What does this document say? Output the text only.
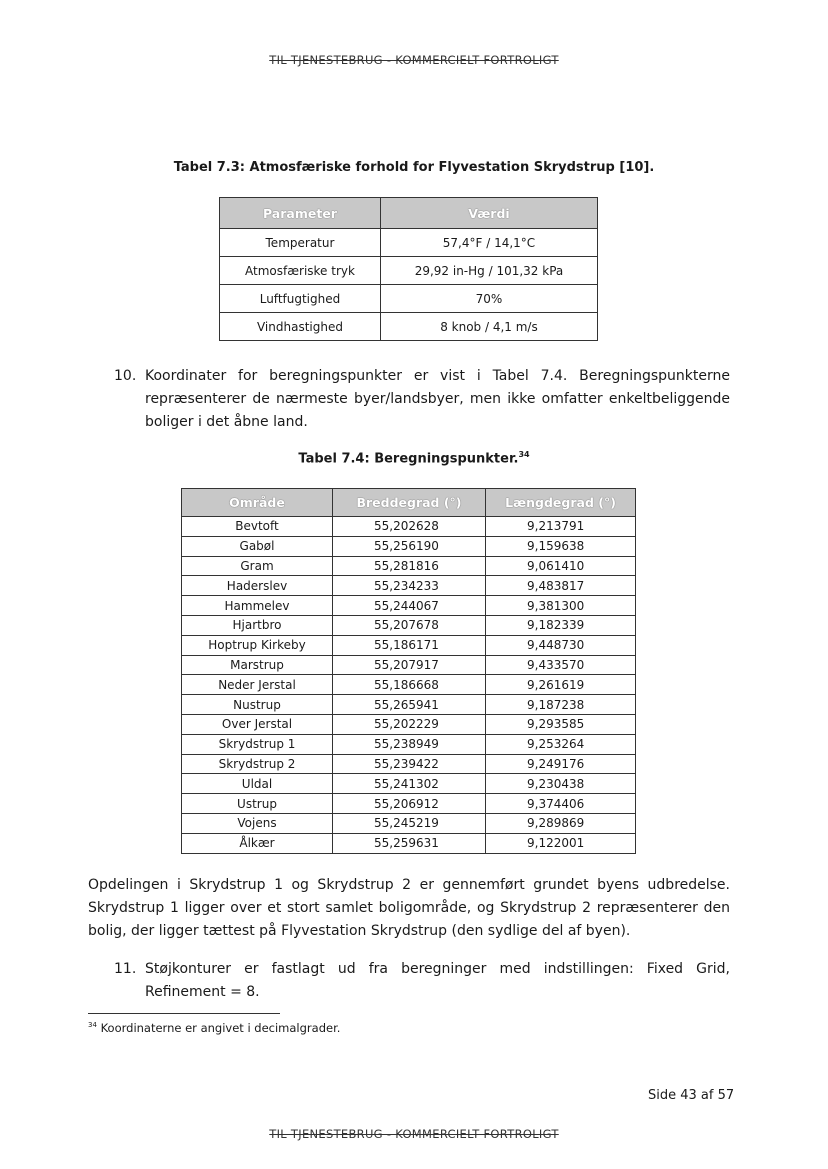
TIL TJENESTEBRUG - KOMMERCIELT FORTROLIGT
Tabel 7.3: Atmosfæriske forhold for Flyvestation Skrydstrup [10].
Parameter	Værdi
Temperatur	57,4°F / 14,1°C
Atmosfæriske tryk	29,92 in-Hg / 101,32 kPa
Luftfugtighed	70%
Vindhastighed	8 knob / 4,1 m/s
10. Koordinater for beregningspunkter er vist i Tabel 7.4. Beregningspunkterne repræsenterer de nærmeste byer/landsbyer, men ikke omfatter enkeltbeliggende boliger i det åbne land.
Tabel 7.4: Beregningspunkter.$^{34}$
Område	Breddegrad (°)	Længdegrad (°)
Bevtoft	55,202628	9,213791
Gabøl	55,256190	9,159638
Gram	55,281816	9,061410
Haderslev	55,234233	9,483817
Hammelev	55,244067	9,381300
Hjartbro	55,207678	9,182339
Hoptrup Kirkeby	55,186171	9,448730
Marstrup	55,207917	9,433570
Neder Jerstal	55,186668	9,261619
Nustrup	55,265941	9,187238
Over Jerstal	55,202229	9,293585
Skrydstrup 1	55,238949	9,253264
Skrydstrup 2	55,239422	9,249176
Uldal	55,241302	9,230438
Ustrup	55,206912	9,374406
Vojens	55,245219	9,289869
Ålkær	55,259631	9,122001
Opdelingen i Skrydstrup 1 og Skrydstrup 2 er gennemført grundet byens udbredelse. Skrydstrup 1 ligger over et stort samlet boligområde, og Skrydstrup 2 repræsenterer den bolig, der ligger tættest på Flyvestation Skrydstrup (den sydlige del af byen).
11. Støjkonturer er fastlagt ud fra beregninger med indstillingen: Fixed Grid, Refinement = 8.
$^{34}$ Koordinaterne er angivet i decimalgrader.
Side 43 af 57
TIL TJENESTEBRUG - KOMMERCIELT FORTROLIGT
